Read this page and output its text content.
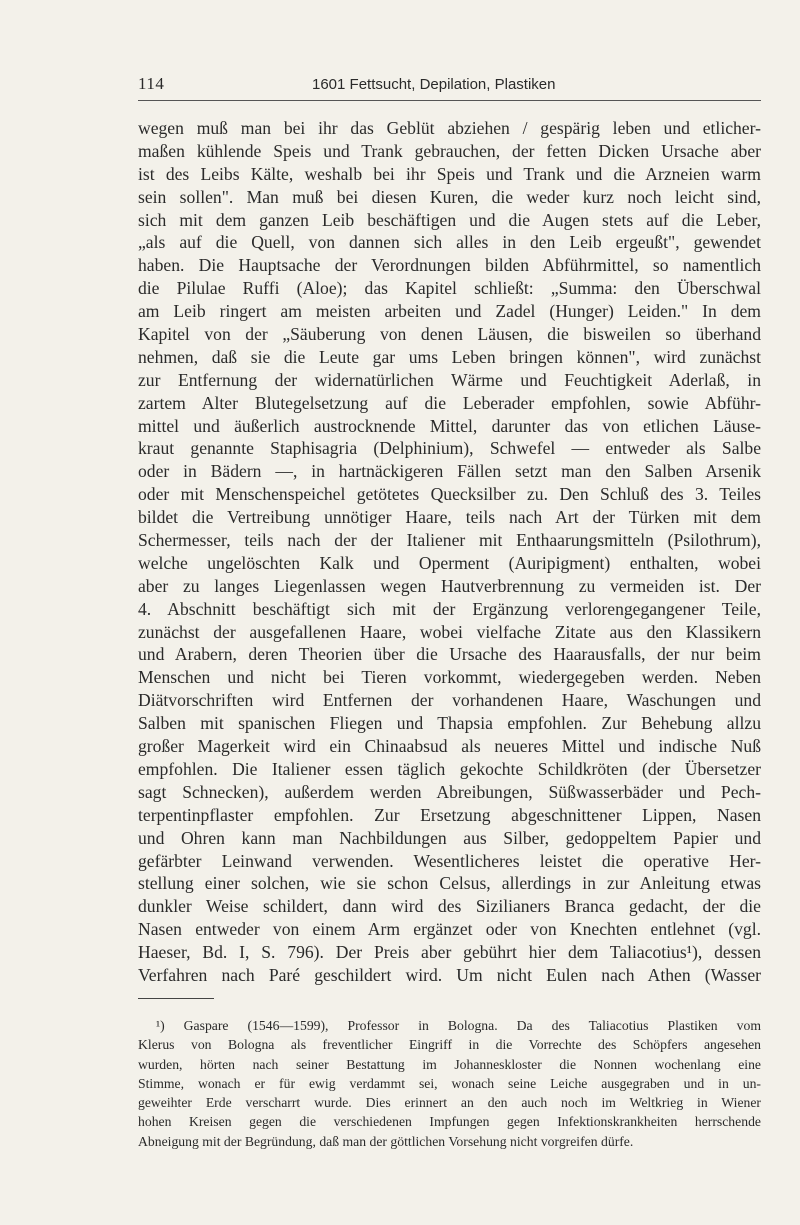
114	1601 Fettsucht, Depilation, Plastiken
wegen muß man bei ihr das Geblüt abziehen / gespärig leben und etlicher-
maßen kühlende Speis und Trank gebrauchen, der fetten Dicken Ursache aber
ist des Leibs Kälte, weshalb bei ihr Speis und Trank und die Arzneien warm
sein sollen". Man muß bei diesen Kuren, die weder kurz noch leicht sind,
sich mit dem ganzen Leib beschäftigen und die Augen stets auf die Leber,
„als auf die Quell, von dannen sich alles in den Leib ergeußt", gewendet
haben. Die Hauptsache der Verordnungen bilden Abführmittel, so namentlich
die Pilulae Ruffi (Aloe); das Kapitel schließt: „Summa: den Überschwal
am Leib ringert am meisten arbeiten und Zadel (Hunger) Leiden." In dem
Kapitel von der „Säuberung von denen Läusen, die bisweilen so überhand
nehmen, daß sie die Leute gar ums Leben bringen können", wird zunächst
zur Entfernung der widernatürlichen Wärme und Feuchtigkeit Aderlaß, in
zartem Alter Blutegelsetzung auf die Leberader empfohlen, sowie Abführ-
mittel und äußerlich austrocknende Mittel, darunter das von etlichen Läuse-
kraut genannte Staphisagria (Delphinium), Schwefel — entweder als Salbe
oder in Bädern —, in hartnäckigeren Fällen setzt man den Salben Arsenik
oder mit Menschenspeichel getötetes Quecksilber zu. Den Schluß des 3. Teiles
bildet die Vertreibung unnötiger Haare, teils nach Art der Türken mit dem
Schermesser, teils nach der der Italiener mit Enthaarungsmitteln (Psilothrum),
welche ungelöschten Kalk und Operment (Auripigment) enthalten, wobei
aber zu langes Liegenlassen wegen Hautverbrennung zu vermeiden ist. Der
4. Abschnitt beschäftigt sich mit der Ergänzung verlorengegangener Teile,
zunächst der ausgefallenen Haare, wobei vielfache Zitate aus den Klassikern
und Arabern, deren Theorien über die Ursache des Haarausfalls, der nur beim
Menschen und nicht bei Tieren vorkommt, wiedergegeben werden. Neben
Diätvorschriften wird Entfernen der vorhandenen Haare, Waschungen und
Salben mit spanischen Fliegen und Thapsia empfohlen. Zur Behebung allzu
großer Magerkeit wird ein Chinaabsud als neueres Mittel und indische Nuß
empfohlen. Die Italiener essen täglich gekochte Schildkröten (der Übersetzer
sagt Schnecken), außerdem werden Abreibungen, Süßwasserbäder und Pech-
terpentinpflaster empfohlen. Zur Ersetzung abgeschnittener Lippen, Nasen
und Ohren kann man Nachbildungen aus Silber, gedoppeltem Papier und
gefärbter Leinwand verwenden. Wesentlicheres leistet die operative Her-
stellung einer solchen, wie sie schon Celsus, allerdings in zur Anleitung etwas
dunkler Weise schildert, dann wird des Sizilianers Branca gedacht, der die
Nasen entweder von einem Arm ergänzet oder von Knechten entlehnet (vgl.
Haeser, Bd. I, S. 796). Der Preis aber gebührt hier dem Taliacotius¹), dessen
Verfahren nach Paré geschildert wird. Um nicht Eulen nach Athen (Wasser
¹) Gaspare (1546—1599), Professor in Bologna. Da des Taliacotius Plastiken vom
Klerus von Bologna als freventlicher Eingriff in die Vorrechte des Schöpfers angesehen
wurden, hörten nach seiner Bestattung im Johanneskloster die Nonnen wochenlang eine
Stimme, wonach er für ewig verdammt sei, wonach seine Leiche ausgegraben und in un-
geweihter Erde verscharrt wurde. Dies erinnert an den auch noch im Weltkrieg in Wiener
hohen Kreisen gegen die verschiedenen Impfungen gegen Infektionskrankheiten herrschende
Abneigung mit der Begründung, daß man der göttlichen Vorsehung nicht vorgreifen dürfe.
